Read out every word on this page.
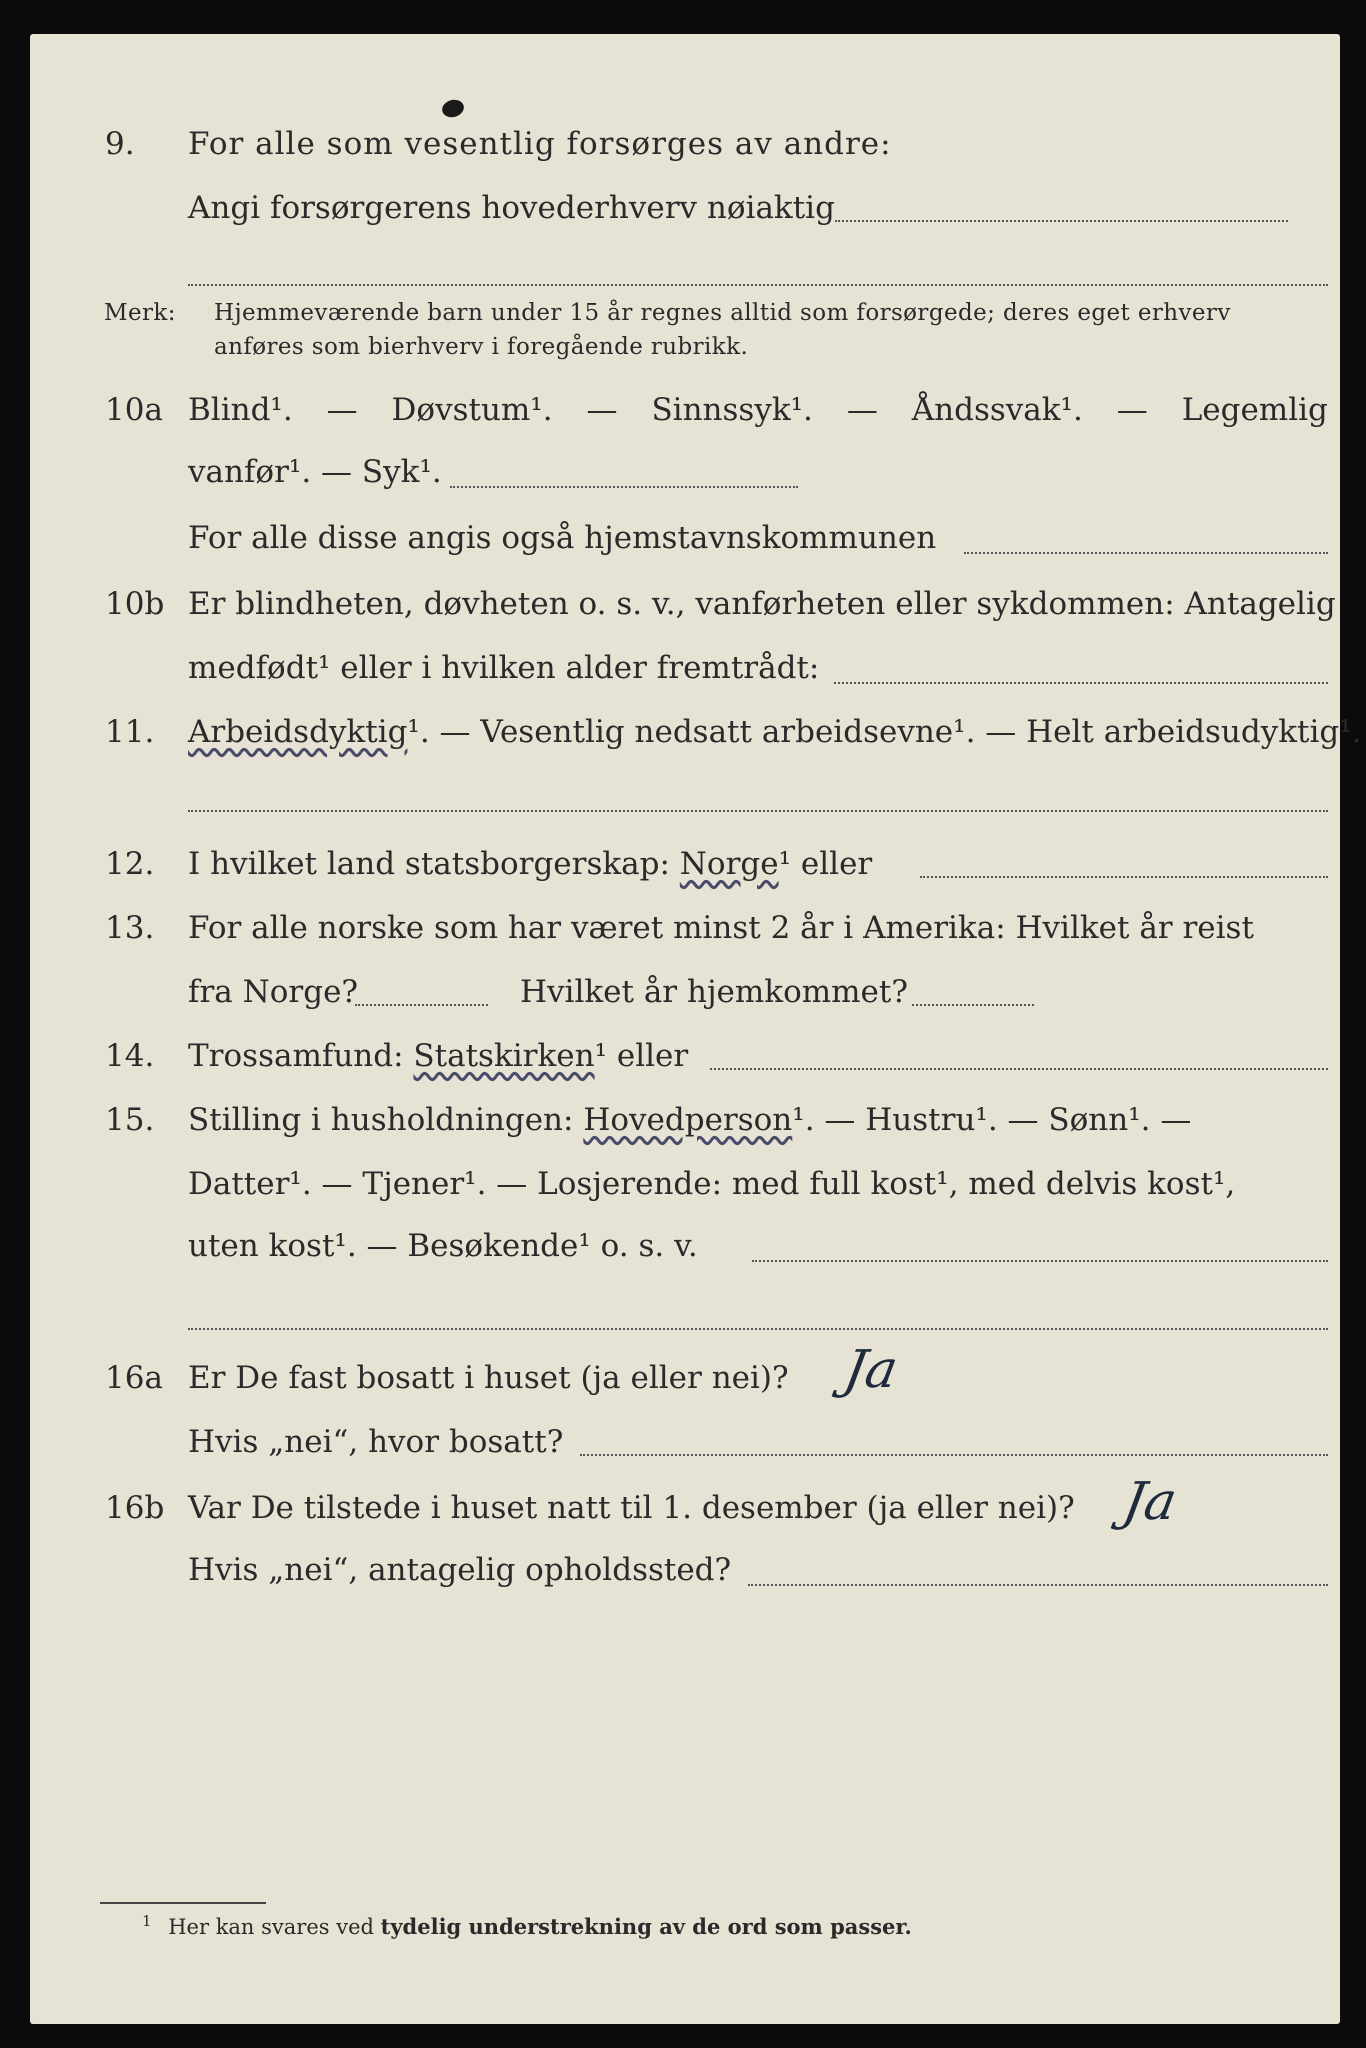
9. For alle som vesentlig forsørges av andre:
Angi forsørgerens hovederhverv nøiaktig
Merk: Hjemmeværende barn under 15 år regnes alltid som forsørgede; deres eget erhverv
anføres som bierhverv i foregående rubrikk.
10a Blind¹. — Døvstum¹. — Sinnssyk¹. — Åndssvak¹. — Legemlig
vanfør¹. — Syk¹.
For alle disse angis også hjemstavnskommunen
10b Er blindheten, døvheten o. s. v., vanførheten eller sykdommen: Antagelig
medfødt¹ eller i hvilken alder fremtrådt:
11. Arbeidsdyktig¹. — Vesentlig nedsatt arbeidsevne¹. — Helt arbeidsudyktig¹.
12. I hvilket land statsborgerskap: Norge¹ eller
13. For alle norske som har været minst 2 år i Amerika: Hvilket år reist
fra Norge?	Hvilket år hjemkommet?
14. Trossamfund: Statskirken¹ eller
15. Stilling i husholdningen: Hovedperson¹. — Hustru¹. — Sønn¹. —
Datter¹. — Tjener¹. — Losjerende: med full kost¹, med delvis kost¹,
uten kost¹. — Besøkende¹ o. s. v.
16a Er De fast bosatt i huset (ja eller nei)? Ja
Hvis „nei“, hvor bosatt?
16b Var De tilstede i huset natt til 1. desember (ja eller nei)? Ja
Hvis „nei“, antagelig opholdssted?
$^1$ Her kan svares ved tydelig understrekning av de ord som passer.
